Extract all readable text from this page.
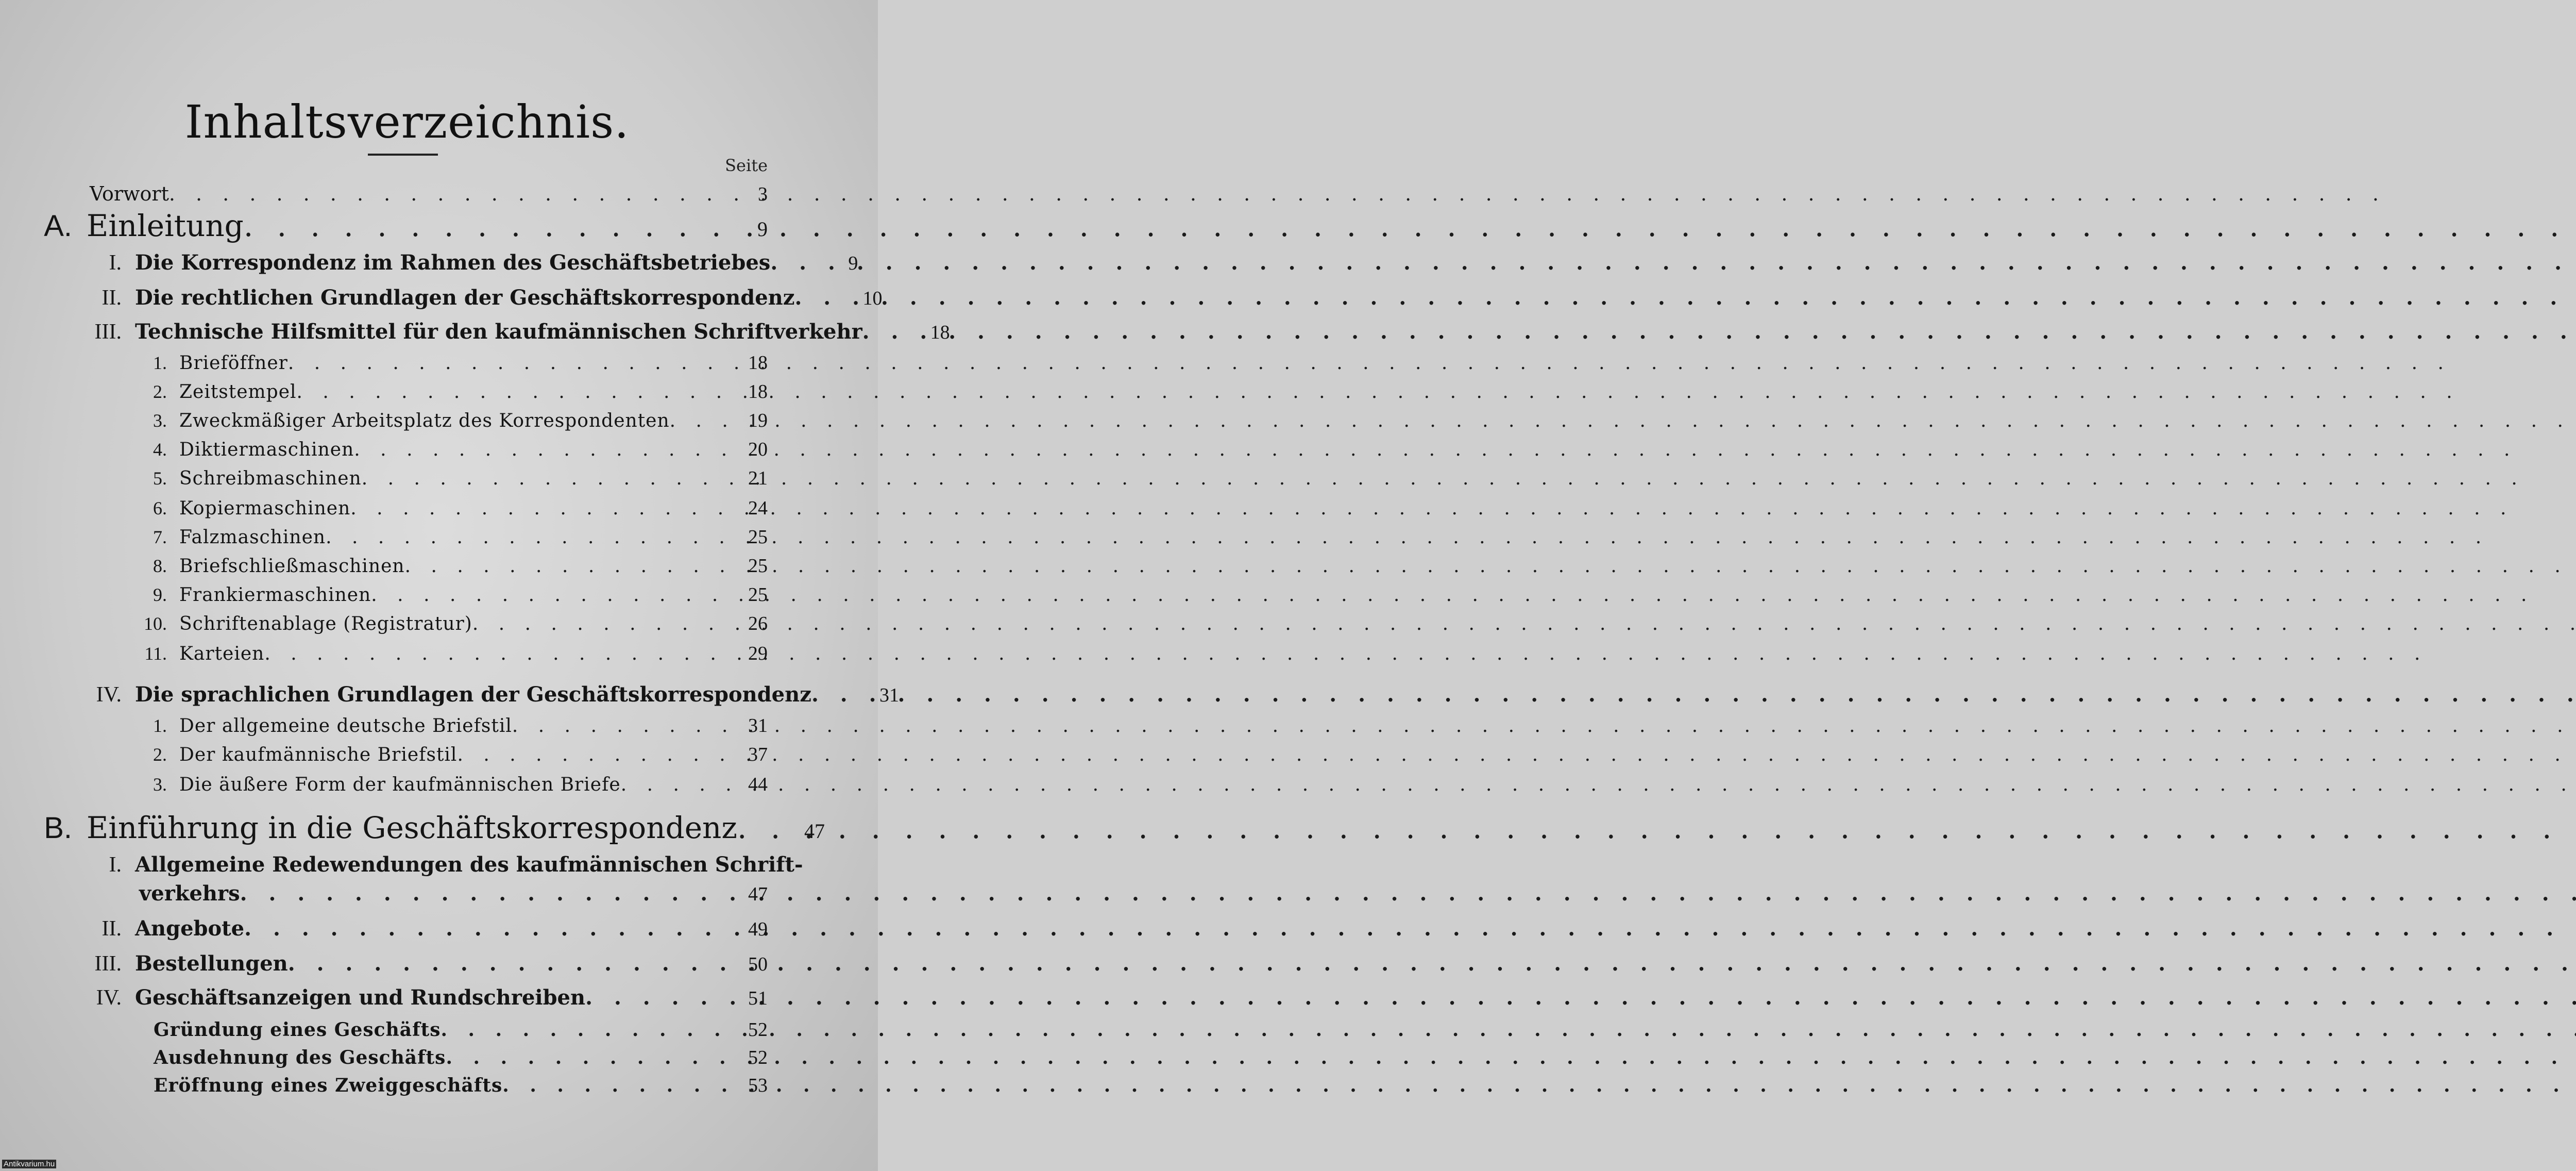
Inhaltsverzeichnis.
Seite
Vorwort . . .	3
A. Einleitung . . .	9
I. Die Korrespondenz im Rahmen des Geschäftsbetriebes . . .	9
II. Die rechtlichen Grundlagen der Geschäftskorrespondenz . . .	10
III. Technische Hilfsmittel für den kaufmännischen Schriftverkehr . . .	18
1. Brieföffner . . .	18
2. Zeitstempel . . .	18
3. Zweckmäßiger Arbeitsplatz des Korrespondenten . . .	19
4. Diktiermaschinen . . .	20
5. Schreibmaschinen . . .	21
6. Kopiermaschinen . . .	24
7. Falzmaschinen . . .	25
8. Briefschließmaschinen . . .	25
9. Frankiermaschinen . . .	25
10. Schriftenablage (Registratur) . . .	26
11. Karteien . . .	29
IV. Die sprachlichen Grundlagen der Geschäftskorrespondenz . . .	31
1. Der allgemeine deutsche Briefstil . . .	31
2. Der kaufmännische Briefstil . . .	37
3. Die äußere Form der kaufmännischen Briefe . . .	44
B. Einführung in die Geschäftskorrespondenz . . .	47
I. Allgemeine Redewendungen des kaufmännischen Schrift-
verkehrs . . .	47
II. Angebote . . .	49
III. Bestellungen . . .	50
IV. Geschäftsanzeigen und Rundschreiben . . .	51
Gründung eines Geschäfts . . .	52
Ausdehnung des Geschäfts . . .	52
Eröffnung eines Zweiggeschäfts . . .	53
Antikvarium.hu
